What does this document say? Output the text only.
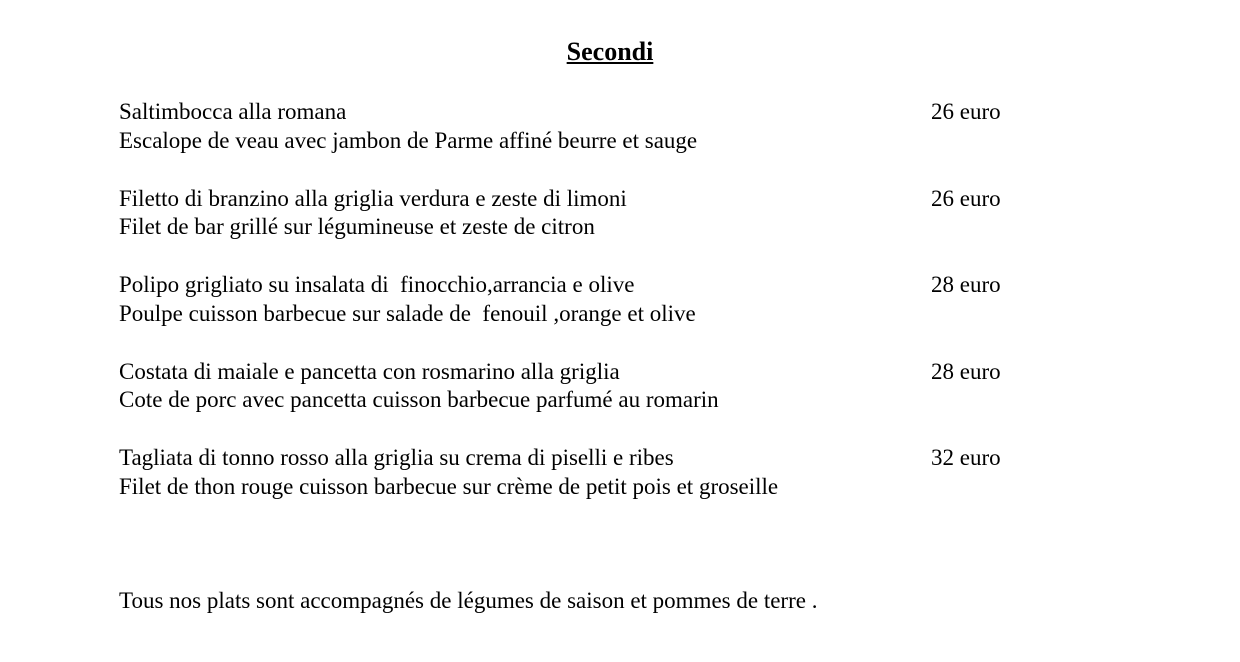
Secondi
Saltimbocca alla romana
Escalope de veau avec jambon de Parme affiné beurre et sauge
26 euro
Filetto di branzino alla griglia verdura e zeste di limoni
Filet de bar grillé sur légumineuse et zeste de citron
26 euro
Polipo grigliato su insalata di  finocchio,arrancia e olive
Poulpe cuisson barbecue sur salade de  fenouil ,orange et olive
28 euro
Costata di maiale e pancetta con rosmarino alla griglia
Cote de porc avec pancetta cuisson barbecue parfumé au romarin
28 euro
Tagliata di tonno rosso alla griglia su crema di piselli e ribes
Filet de thon rouge cuisson barbecue sur crème de petit pois et groseille
32 euro
Tous nos plats sont accompagnés de légumes de saison et pommes de terre .
